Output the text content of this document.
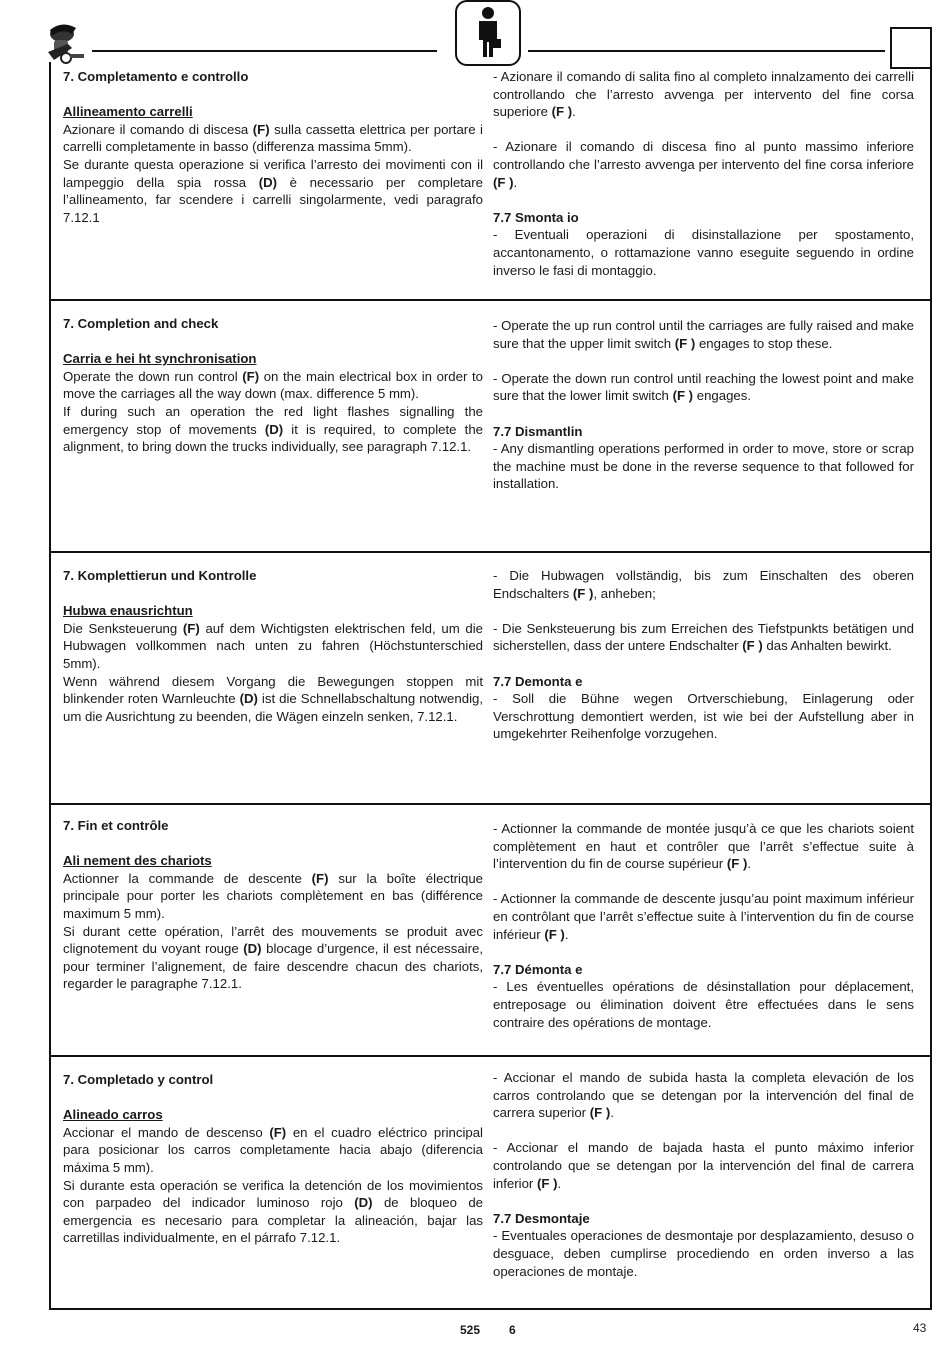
7. Completamento e controllo

Allineamento carrelli

Azionare il comando di discesa (F) sulla cassetta elettrica per portare i carrelli completamente in basso (differenza massima 5mm).

Se durante questa operazione si verifica l’arresto dei movimenti con il lampeggio della spia rossa (D) è necessario per completare l’allineamento, far scendere i carrelli singolarmente, vedi paragrafo 7.12.1

- Azionare il comando di salita fino al completo innalzamento dei carrelli controllando che l’arresto avvenga per intervento del fine corsa superiore (F ).

- Azionare il comando di discesa fino al punto massimo inferiore controllando che l’arresto avvenga per intervento del fine corsa inferiore (F ).

7.7 Smonta io

- Eventuali operazioni di disinstallazione per spostamento, accantonamento, o rottamazione vanno eseguite seguendo in ordine inverso le fasi di montaggio.

7. Completion and check

Carria e hei ht synchronisation

Operate the down run control (F) on the main electrical box in order to move the carriages all the way down (max. difference 5 mm).

If during such an operation the red light flashes signalling the emergency stop of movements (D) it is required, to complete the alignment, to bring down the trucks individually, see paragraph 7.12.1.

- Operate the up run control until the carriages are fully raised and make sure that the upper limit switch (F ) engages to stop these.

- Operate the down run control until reaching the lowest point and make sure that the lower limit switch (F ) engages.

7.7 Dismantlin

- Any dismantling operations performed in order to move, store or scrap the machine must be done in the reverse sequence to that followed for installation.

7. Komplettierun und Kontrolle

Hubwa enausrichtun

Die Senksteuerung (F) auf dem Wichtigsten elektrischen feld, um die Hubwagen vollkommen nach unten zu fahren (Höchstunterschied 5mm).

Wenn während diesem Vorgang die Bewegungen stoppen mit blinkender roten Warnleuchte (D) ist die Schnellabschaltung notwendig, um die Ausrichtung zu beenden, die Wägen einzeln senken, 7.12.1.

- Die Hubwagen vollständig, bis zum Einschalten des oberen Endschalters (F ), anheben;

- Die Senksteuerung bis zum Erreichen des Tiefstpunkts betätigen und sicherstellen, dass der untere Endschalter (F ) das Anhalten bewirkt.

7.7 Demonta e

- Soll die Bühne wegen Ortverschiebung, Einlagerung oder Verschrottung demontiert werden, ist wie bei der Aufstellung aber in umgekehrter Reihenfolge vorzugehen.

7. Fin et contrôle

Ali nement des chariots

Actionner la commande de descente (F) sur la boîte électrique principale pour porter les chariots complètement en bas (différence maximum 5 mm).

Si durant cette opération, l’arrêt des mouvements se produit avec clignotement du voyant rouge (D) blocage d’urgence, il est nécessaire, pour terminer l’alignement, de faire descendre chacun des chariots, regarder le paragraphe 7.12.1.

- Actionner la commande de montée jusqu’à ce que les chariots soient complètement en haut et contrôler que l’arrêt s’effectue suite à l’intervention du fin de course supérieur (F ).

- Actionner la commande de descente jusqu’au point maximum inférieur en contrôlant que l’arrêt s’effectue suite à l’intervention du fin de course inférieur (F ).

7.7 Démonta e

- Les éventuelles opérations de désinstallation pour déplacement, entreposage ou élimination doivent être effectuées dans le sens contraire des opérations de montage.

7. Completado y control

Alineado carros

Accionar el mando de descenso (F) en el cuadro eléctrico principal para posicionar los carros completamente hacia abajo (diferencia máxima 5 mm).

Si durante esta operación se verifica la detención de los movimientos con parpadeo del indicador luminoso rojo (D) de bloqueo de emergencia es necesario para completar la alineación, bajar las carretillas individualmente, en el párrafo 7.12.1.

- Accionar el mando de subida hasta la completa elevación de los carros controlando que se detengan por la intervención del final de carrera superior (F ).

- Accionar el mando de bajada hasta el punto máximo inferior controlando que se detengan por la intervención del final de carrera inferior (F ).

7.7 Desmontaje

- Eventuales operaciones de desmontaje por desplazamiento, desuso o desguace, deben cumplirse procediendo en orden inverso a las operaciones de montaje.

525 6	43
